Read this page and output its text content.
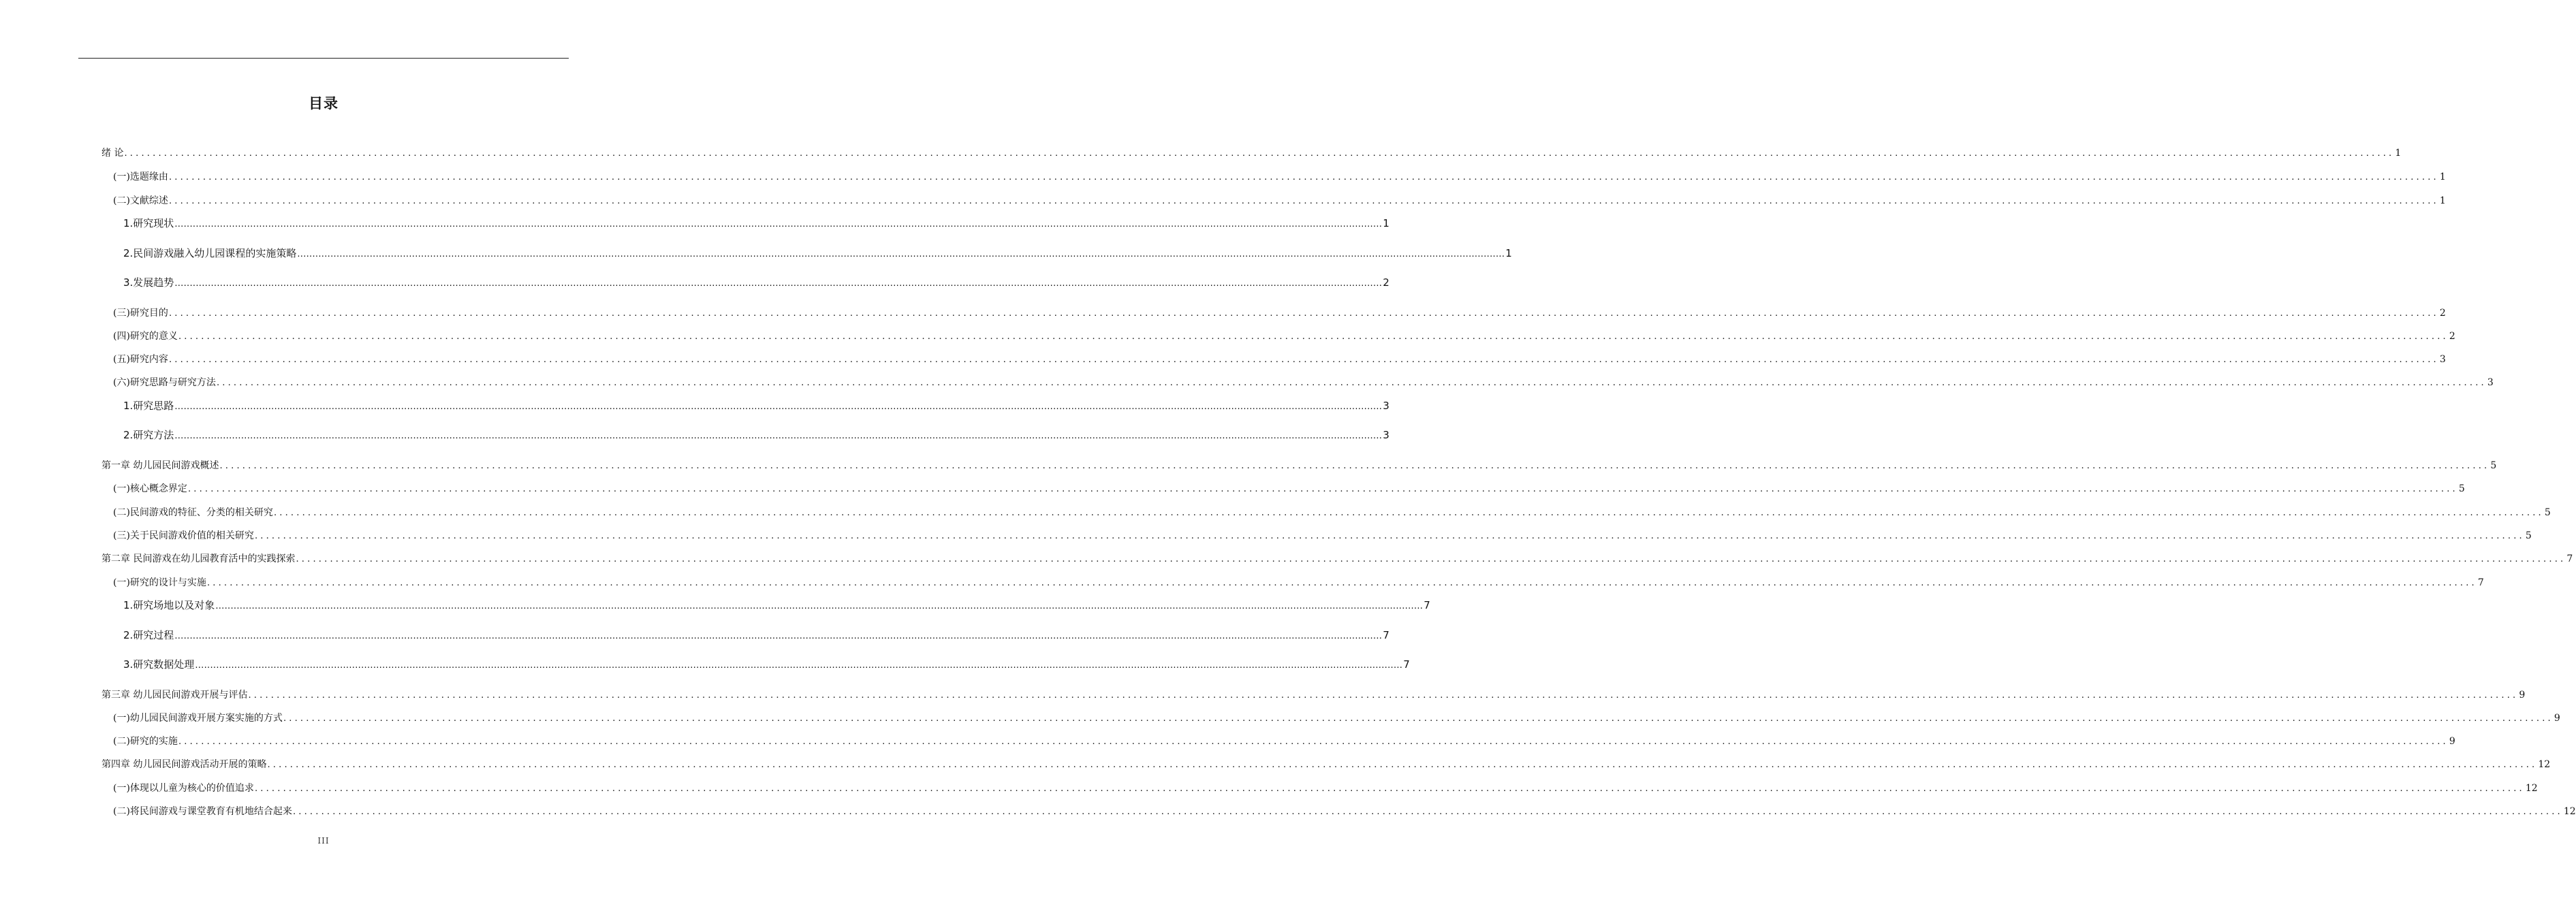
目录
绪 论 ................................................................................................................................................................................................................................................................................................................................................................................................................ 1
(一)选题缘由 ................................................................................................................................................................................................................................................................................................................................................................................................................ 1
(二)文献综述 ................................................................................................................................................................................................................................................................................................................................................................................................................ 1
1.研究现状 ................................................................................................................................................................................................................................................................................................................................................................................................................ 1
2.民间游戏融入幼儿园课程的实施策略 ................................................................................................................................................................................................................................................................................................................................................................................................................ 1
3.发展趋势 ................................................................................................................................................................................................................................................................................................................................................................................................................ 2
(三)研究目的 ................................................................................................................................................................................................................................................................................................................................................................................................................ 2
(四)研究的意义 ................................................................................................................................................................................................................................................................................................................................................................................................................ 2
(五)研究内容 ................................................................................................................................................................................................................................................................................................................................................................................................................ 3
(六)研究思路与研究方法 ................................................................................................................................................................................................................................................................................................................................................................................................................ 3
1.研究思路 ................................................................................................................................................................................................................................................................................................................................................................................................................ 3
2.研究方法 ................................................................................................................................................................................................................................................................................................................................................................................................................ 3
第一章 幼儿园民间游戏概述 ................................................................................................................................................................................................................................................................................................................................................................................................................ 5
(一)核心概念界定 ................................................................................................................................................................................................................................................................................................................................................................................................................ 5
(二)民间游戏的特征、分类的相关研究 ................................................................................................................................................................................................................................................................................................................................................................................................................ 5
(三)关于民间游戏价值的相关研究 ................................................................................................................................................................................................................................................................................................................................................................................................................ 5
第二章 民间游戏在幼儿园教育活中的实践探索 ................................................................................................................................................................................................................................................................................................................................................................................................................ 7
(一)研究的设计与实施 ................................................................................................................................................................................................................................................................................................................................................................................................................ 7
1.研究场地以及对象 ................................................................................................................................................................................................................................................................................................................................................................................................................ 7
2.研究过程 ................................................................................................................................................................................................................................................................................................................................................................................................................ 7
3.研究数据处理 ................................................................................................................................................................................................................................................................................................................................................................................................................ 7
第三章 幼儿园民间游戏开展与评估 ................................................................................................................................................................................................................................................................................................................................................................................................................ 9
(一)幼儿园民间游戏开展方案实施的方式 ................................................................................................................................................................................................................................................................................................................................................................................................................ 9
(二)研究的实施 ................................................................................................................................................................................................................................................................................................................................................................................................................ 9
第四章 幼儿园民间游戏活动开展的策略 ................................................................................................................................................................................................................................................................................................................................................................................................................ 12
(一)体现以儿童为核心的价值追求 ................................................................................................................................................................................................................................................................................................................................................................................................................ 12
(二)将民间游戏与课堂教育有机地结合起来 ................................................................................................................................................................................................................................................................................................................................................................................................................ 12
III
